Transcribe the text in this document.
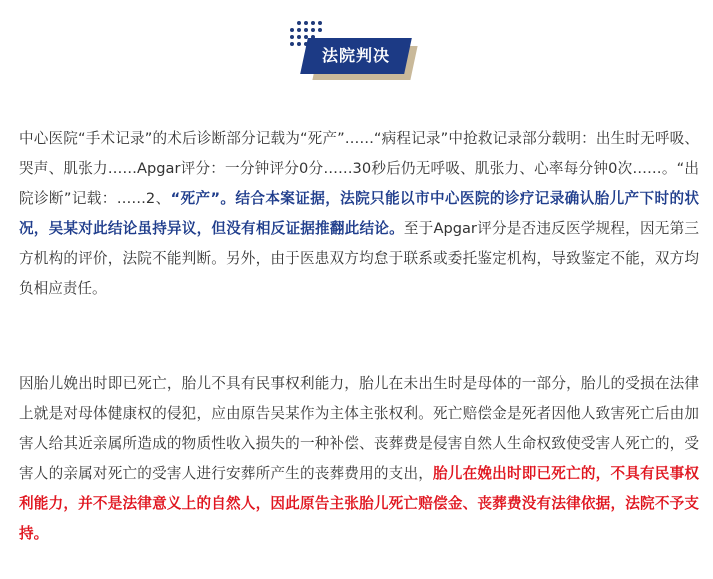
法院判决

中心医院“手术记录”的术后诊断部分记载为“死产”……“病程记录”中抢救记录部分载明：出生时无呼吸、哭声、肌张力……Apgar评分：一分钟评分0分……30秒后仍无呼吸、肌张力、心率每分钟0次……。“出院诊断”记载：……2、“死产”。结合本案证据，法院只能以市中心医院的诊疗记录确认胎儿产下时的状况，吴某对此结论虽持异议，但没有相反证据推翻此结论。至于Apgar评分是否违反医学规程，因无第三方机构的评价，法院不能判断。另外，由于医患双方均怠于联系或委托鉴定机构，导致鉴定不能，双方均负相应责任。

因胎儿娩出时即已死亡，胎儿不具有民事权利能力，胎儿在未出生时是母体的一部分，胎儿的受损在法律上就是对母体健康权的侵犯，应由原告吴某作为主体主张权利。死亡赔偿金是死者因他人致害死亡后由加害人给其近亲属所造成的物质性收入损失的一种补偿、丧葬费是侵害自然人生命权致使受害人死亡的，受害人的亲属对死亡的受害人进行安葬所产生的丧葬费用的支出，胎儿在娩出时即已死亡的，不具有民事权利能力，并不是法律意义上的自然人，因此原告主张胎儿死亡赔偿金、丧葬费没有法律依据，法院不予支持。
